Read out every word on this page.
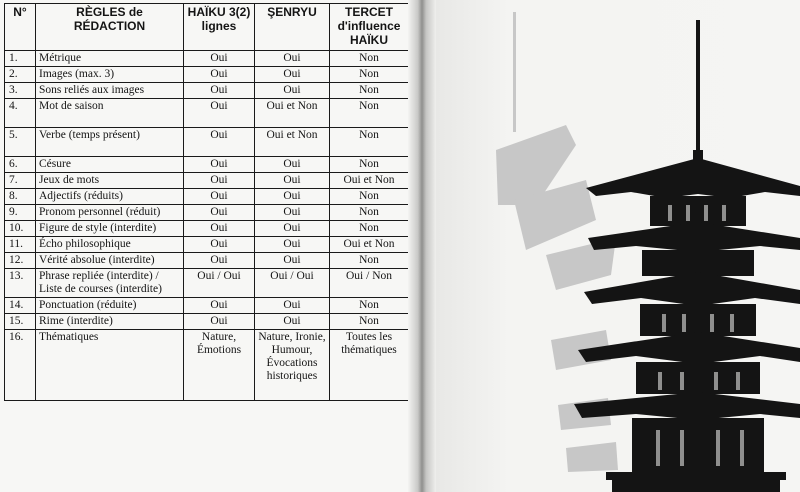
N°	RÈGLES de RÉDACTION	HAÏKU 3(2) lignes	ŞENRYU	TERCET d'influence HAÏKU
1.	Métrique	Oui	Oui	Non
2.	Images (max. 3)	Oui	Oui	Non
3.	Sons reliés aux images	Oui	Oui	Non
4.	Mot de saison	Oui	Oui et Non	Non
5.	Verbe (temps présent)	Oui	Oui et Non	Non
6.	Césure	Oui	Oui	Non
7.	Jeux de mots	Oui	Oui	Oui et Non
8.	Adjectifs (réduits)	Oui	Oui	Non
9.	Pronom personnel (réduit)	Oui	Oui	Non
10.	Figure de style (interdite)	Oui	Oui	Non
11.	Écho philosophique	Oui	Oui	Oui et Non
12.	Vérité absolue (interdite)	Oui	Oui	Non
13.	Phrase repliée (interdite) / Liste de courses (interdite)	Oui / Oui	Oui / Oui	Oui / Non
14.	Ponctuation (réduite)	Oui	Oui	Non
15.	Rime (interdite)	Oui	Oui	Non
16.	Thématiques	Nature, Émotions	Nature, Ironie, Humour, Évocations historiques	Toutes les thématiques
